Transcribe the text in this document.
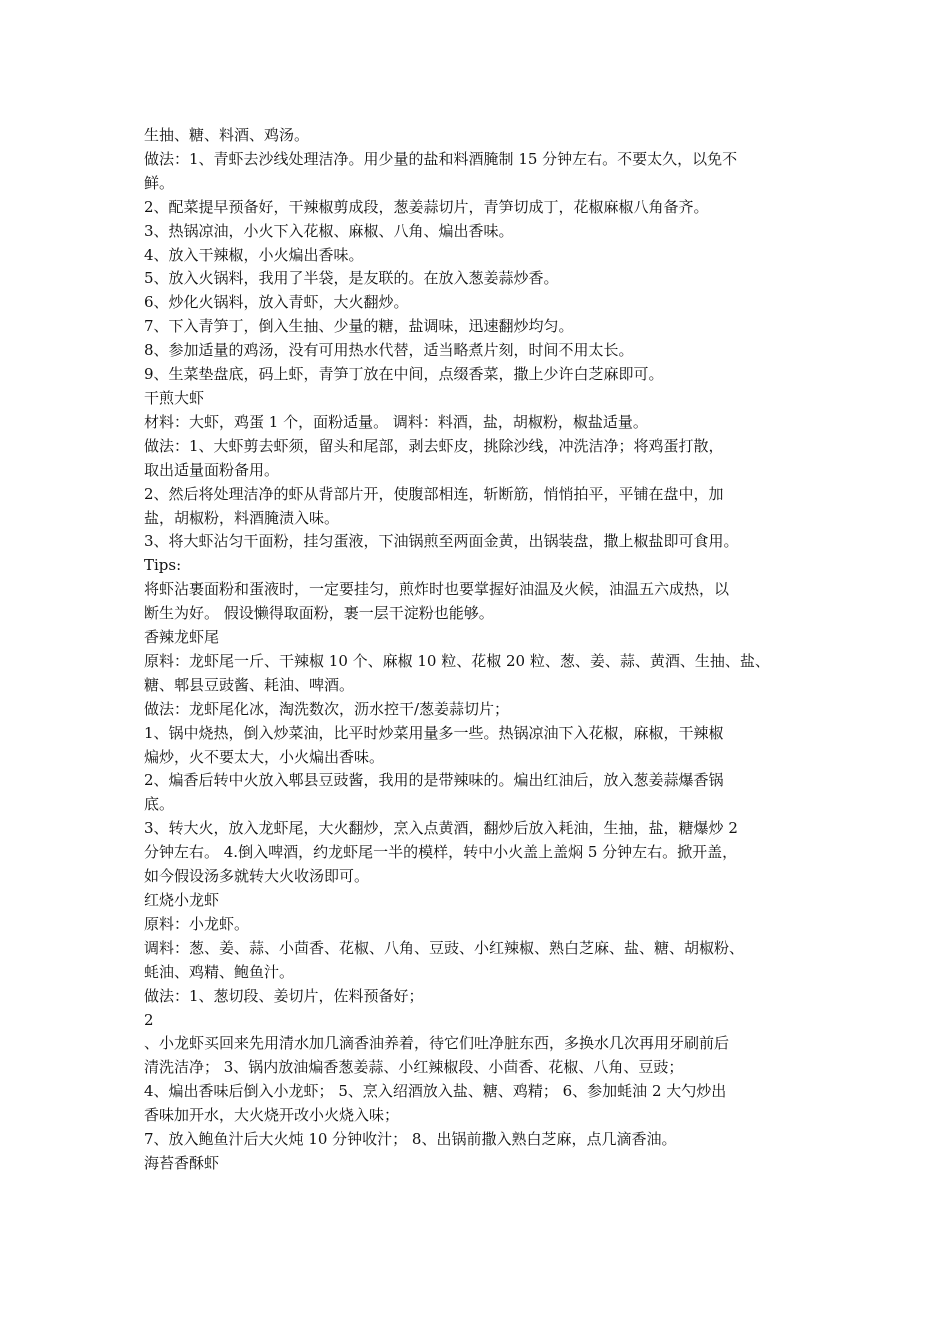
生抽、糖、料酒、鸡汤。

做法：1、青虾去沙线处理洁净。用少量的盐和料酒腌制 15 分钟左右。不要太久，以免不

鲜。

2、配菜提早预备好，干辣椒剪成段，葱姜蒜切片，青笋切成丁，花椒麻椒八角备齐。

3、热锅凉油，小火下入花椒、麻椒、八角、煸出香味。

4、放入干辣椒，小火煸出香味。

5、放入火锅料，我用了半袋，是友联的。在放入葱姜蒜炒香。

6、炒化火锅料，放入青虾，大火翻炒。

7、下入青笋丁，倒入生抽、少量的糖，盐调味，迅速翻炒均匀。

8、参加适量的鸡汤，没有可用热水代替，适当略煮片刻，时间不用太长。

9、生菜垫盘底，码上虾，青笋丁放在中间，点缀香菜，撒上少许白芝麻即可。

干煎大虾

材料：大虾，鸡蛋 1 个，面粉适量。 调料：料酒，盐，胡椒粉，椒盐适量。

做法：1、大虾剪去虾须，留头和尾部，剥去虾皮，挑除沙线，冲洗洁净；将鸡蛋打散，

取出适量面粉备用。

2、然后将处理洁净的虾从背部片开，使腹部相连，斩断筋，悄悄拍平，平铺在盘中，加

盐，胡椒粉，料酒腌渍入味。

3、将大虾沾匀干面粉，挂匀蛋液，下油锅煎至两面金黄，出锅装盘，撒上椒盐即可食用。

Tips:

将虾沾裹面粉和蛋液时，一定要挂匀，煎炸时也要掌握好油温及火候，油温五六成热，以

断生为好。 假设懒得取面粉，裹一层干淀粉也能够。

香辣龙虾尾

原料：龙虾尾一斤、干辣椒 10 个、麻椒 10 粒、花椒 20 粒、葱、姜、蒜、黄酒、生抽、盐、

糖、郫县豆豉酱、耗油、啤酒。

做法：龙虾尾化冰，淘洗数次，沥水控干/葱姜蒜切片；

1、锅中烧热，倒入炒菜油，比平时炒菜用量多一些。热锅凉油下入花椒，麻椒，干辣椒

煸炒，火不要太大，小火煸出香味。

2、煸香后转中火放入郫县豆豉酱，我用的是带辣味的。煸出红油后，放入葱姜蒜爆香锅

底。

3、转大火，放入龙虾尾，大火翻炒，烹入点黄酒，翻炒后放入耗油，生抽，盐，糖爆炒 2

分钟左右。 4.倒入啤酒，约龙虾尾一半的模样，转中小火盖上盖焖 5 分钟左右。掀开盖，

如今假设汤多就转大火收汤即可。

红烧小龙虾

原料：小龙虾。

调料：葱、姜、蒜、小茴香、花椒、八角、豆豉、小红辣椒、熟白芝麻、盐、糖、胡椒粉、

蚝油、鸡精、鲍鱼汁。

做法：1、葱切段、姜切片，佐料预备好；

2

、小龙虾买回来先用清水加几滴香油养着，待它们吐净脏东西，多换水几次再用牙刷前后

清洗洁净； 3、锅内放油煸香葱姜蒜、小红辣椒段、小茴香、花椒、八角、豆豉；

4、煸出香味后倒入小龙虾； 5、烹入绍酒放入盐、糖、鸡精； 6、参加蚝油 2 大勺炒出

香味加开水，大火烧开改小火烧入味；

7、放入鲍鱼汁后大火炖 10 分钟收汁； 8、出锅前撒入熟白芝麻，点几滴香油。

海苔香酥虾
